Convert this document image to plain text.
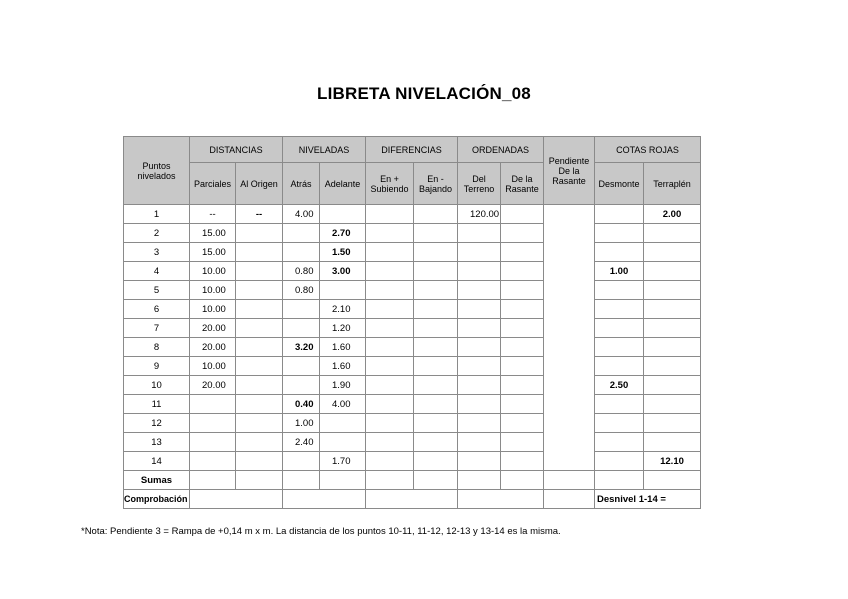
LIBRETA NIVELACIÓN_08
Puntos nivelados	DISTANCIAS		NIVELADAS		DIFERENCIAS		ORDENADAS		Pendiente De la Rasante	COTAS ROJAS	
	Parciales	Al Origen	Atrás	Adelante	En + Subiendo	En - Bajando	Del Terreno	De la Rasante		Desmonte	Terraplén
1	--	--	4.00				120.00				2.00
2	15.00			2.70							
3	15.00			1.50							
4	10.00		0.80	3.00						1.00	
5	10.00		0.80								
6	10.00			2.10							
7	20.00			1.20							
8	20.00		3.20	1.60							
9	10.00			1.60							
10	20.00			1.90						2.50	
11			0.40	4.00							
12			1.00								
13			2.40								
14				1.70							12.10
Sumas											
Comprobación										Desnivel 1-14 =	
*Nota: Pendiente 3 = Rampa de +0,14 m x m. La distancia de los puntos 10-11, 11-12, 12-13 y 13-14 es la misma.
